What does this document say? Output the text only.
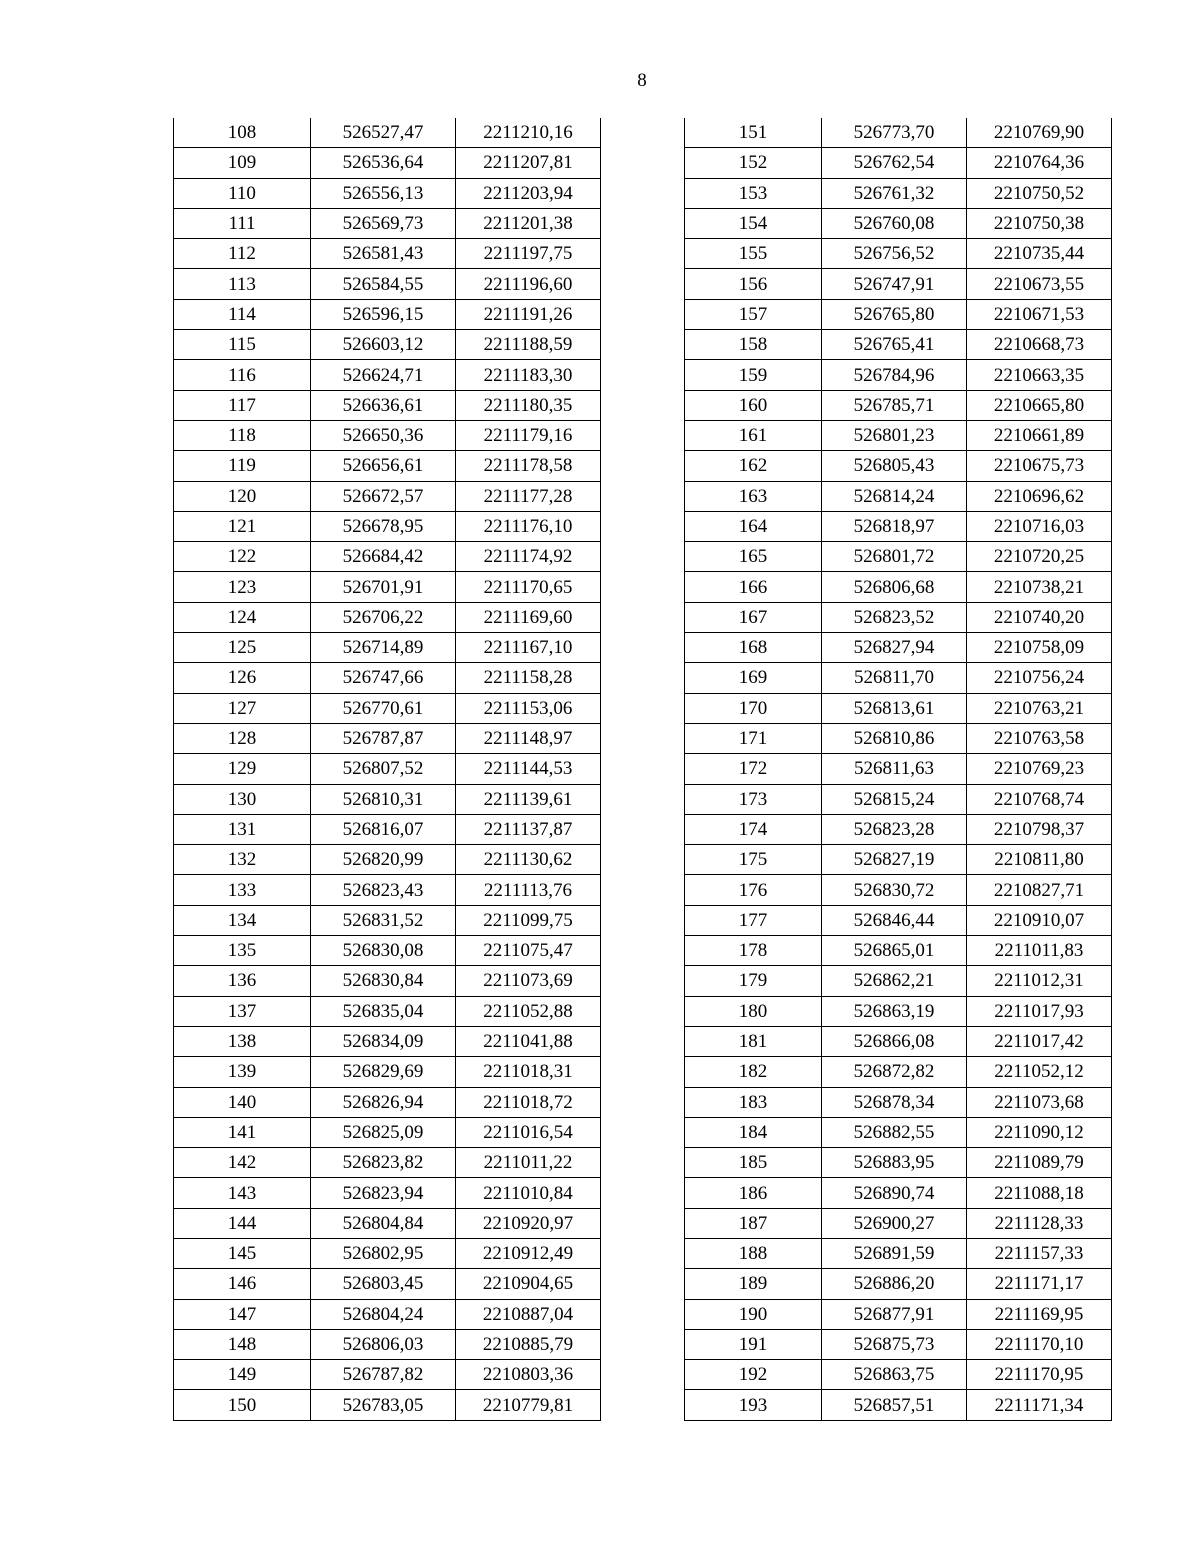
8
108	526527,47	2211210,16
109	526536,64	2211207,81
110	526556,13	2211203,94
111	526569,73	2211201,38
112	526581,43	2211197,75
113	526584,55	2211196,60
114	526596,15	2211191,26
115	526603,12	2211188,59
116	526624,71	2211183,30
117	526636,61	2211180,35
118	526650,36	2211179,16
119	526656,61	2211178,58
120	526672,57	2211177,28
121	526678,95	2211176,10
122	526684,42	2211174,92
123	526701,91	2211170,65
124	526706,22	2211169,60
125	526714,89	2211167,10
126	526747,66	2211158,28
127	526770,61	2211153,06
128	526787,87	2211148,97
129	526807,52	2211144,53
130	526810,31	2211139,61
131	526816,07	2211137,87
132	526820,99	2211130,62
133	526823,43	2211113,76
134	526831,52	2211099,75
135	526830,08	2211075,47
136	526830,84	2211073,69
137	526835,04	2211052,88
138	526834,09	2211041,88
139	526829,69	2211018,31
140	526826,94	2211018,72
141	526825,09	2211016,54
142	526823,82	2211011,22
143	526823,94	2211010,84
144	526804,84	2210920,97
145	526802,95	2210912,49
146	526803,45	2210904,65
147	526804,24	2210887,04
148	526806,03	2210885,79
149	526787,82	2210803,36
150	526783,05	2210779,81
151	526773,70	2210769,90
152	526762,54	2210764,36
153	526761,32	2210750,52
154	526760,08	2210750,38
155	526756,52	2210735,44
156	526747,91	2210673,55
157	526765,80	2210671,53
158	526765,41	2210668,73
159	526784,96	2210663,35
160	526785,71	2210665,80
161	526801,23	2210661,89
162	526805,43	2210675,73
163	526814,24	2210696,62
164	526818,97	2210716,03
165	526801,72	2210720,25
166	526806,68	2210738,21
167	526823,52	2210740,20
168	526827,94	2210758,09
169	526811,70	2210756,24
170	526813,61	2210763,21
171	526810,86	2210763,58
172	526811,63	2210769,23
173	526815,24	2210768,74
174	526823,28	2210798,37
175	526827,19	2210811,80
176	526830,72	2210827,71
177	526846,44	2210910,07
178	526865,01	2211011,83
179	526862,21	2211012,31
180	526863,19	2211017,93
181	526866,08	2211017,42
182	526872,82	2211052,12
183	526878,34	2211073,68
184	526882,55	2211090,12
185	526883,95	2211089,79
186	526890,74	2211088,18
187	526900,27	2211128,33
188	526891,59	2211157,33
189	526886,20	2211171,17
190	526877,91	2211169,95
191	526875,73	2211170,10
192	526863,75	2211170,95
193	526857,51	2211171,34
